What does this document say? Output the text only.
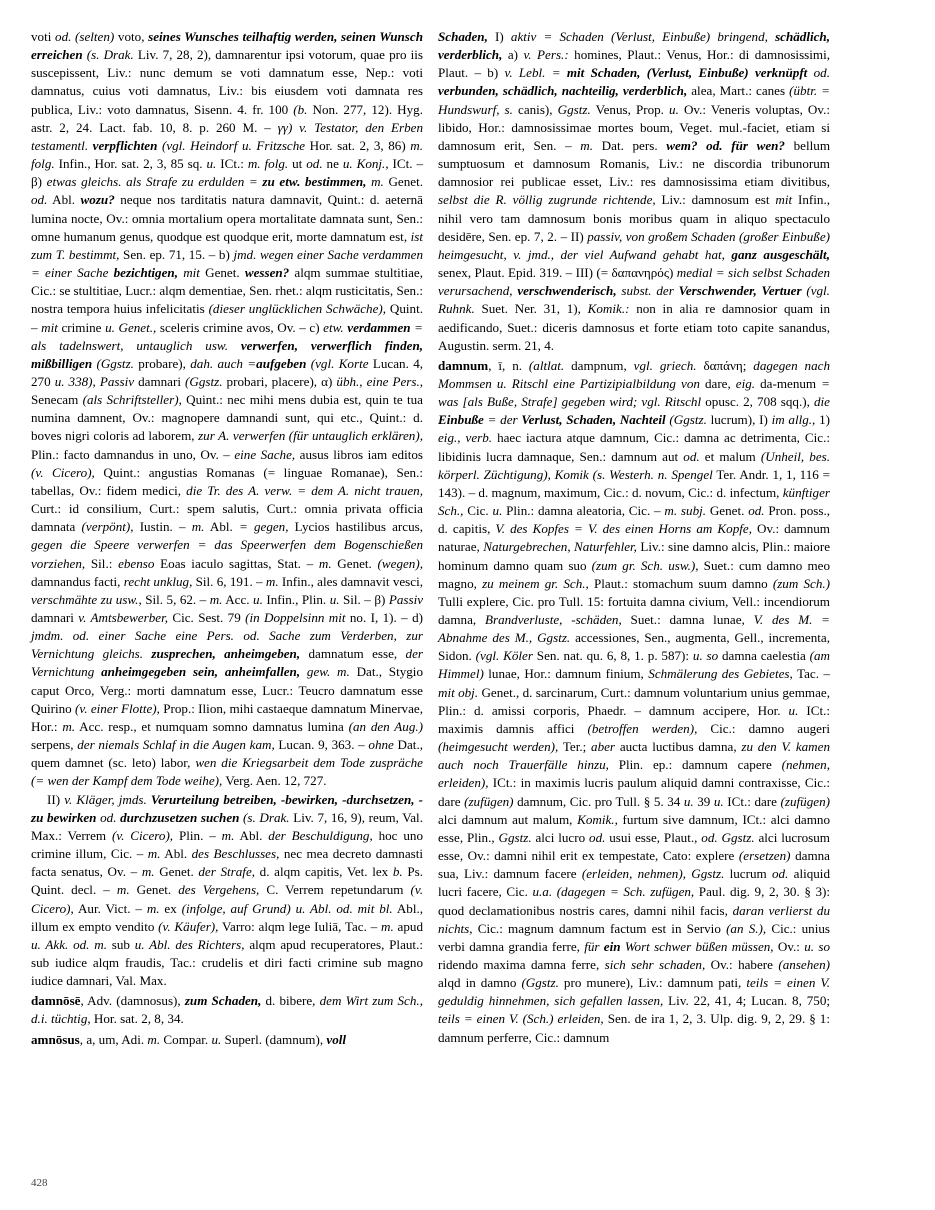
voti od. (selten) voto, seines Wunsches teilhaftig werden, seinen Wunsch erreichen (s. Drak. Liv. 7, 28, 2), damnarentur ipsi votorum, quae pro iis suscepissent, Liv.: nunc demum se voti damnatum esse, Nep.: voti damnatus, cuius voti damnatus, Liv.: bis eiusdem voti damnata res publica, Liv.: voto damnatus, Sisenn. 4. fr. 100 (b. Non. 277, 12). Hyg. astr. 2, 24. Lact. fab. 10, 8. p. 260 M. – γγ) v. Testator, den Erben testamentl. verpflichten (vgl. Heindorf u. Fritzsche Hor. sat. 2, 3, 86) m. folg. Infin., Hor. sat. 2, 3, 85 sq. u. ICt.: m. folg. ut od. ne u. Konj., ICt. – β) etwas gleichs. als Strafe zu erdulden = zu etw. bestimmen, m. Genet. od. Abl. wozu? neque nos tarditatis natura damnavit, Quint.: d. aeternā lumina nocte, Ov.: omnia mortalium opera mortalitate damnata sunt, Sen.: omne humanum genus, quodque est quodque erit, morte damnatum est, ist zum T. bestimmt, Sen. ep. 71, 15. – b) jmd. wegen einer Sache verdammen = einer Sache bezichtigen, mit Genet. wessen? alqm summae stultitiae, Cic.: se stultitiae, Lucr.: alqm dementiae, Sen. rhet.: alqm rusticitatis, Sen.: nostra tempora huius infelicitatis (dieser unglücklichen Schwäche), Quint. – mit crimine u. Genet., sceleris crimine avos, Ov. – c) etw. verdammen = als tadelnswert, untauglich usw. verwerfen, verwerflich finden, mißbilligen (Ggstz. probare), dah. auch =aufgeben (vgl. Korte Lucan. 4, 270 u. 338), Passiv damnari (Ggstz. probari, placere), α) übh., eine Pers., Senecam (als Schriftsteller), Quint.: nec mihi mens dubia est, quin te tua numina damnent, Ov.: magnopere damnandi sunt, qui etc., Quint.: d. boves nigri coloris ad laborem, zur A. verwerfen (für untauglich erklären), Plin.: facto damnandus in uno, Ov. – eine Sache, ausus libros iam editos (v. Cicero), Quint.: angustias Romanas (= linguae Romanae), Sen.: tabellas, Ov.: fidem medici, die Tr. des A. verw. = dem A. nicht trauen, Curt.: id consilium, Curt.: spem salutis, Curt.: omnia privata officia damnata (verpönt), Iustin. – m. Abl. = gegen, Lycios hastilibus arcus, gegen die Speere verwerfen = das Speerwerfen dem Bogenschießen vorziehen, Sil.: ebenso Eoas iaculo sagittas, Stat. – m. Genet. (wegen), damnandus facti, recht unklug, Sil. 6, 191. – m. Infin., ales damnavit vesci, verschmähte zu usw., Sil. 5, 62. – m. Acc. u. Infin., Plin. u. Sil. – β) Passiv damnari v. Amtsbewerber, Cic. Sest. 79 (in Doppelsinn mit no. I, 1). – d) jmdm. od. einer Sache eine Pers. od. Sache zum Verderben, zur Vernichtung gleichs. zusprechen, anheimgeben, damnatum esse, der Vernichtung anheimgegeben sein, anheimfallen, gew. m. Dat., Stygio caput Orco, Verg.: morti damnatum esse, Lucr.: Teucro damnatum esse Quirino (v. einer Flotte), Prop.: Ilion, mihi castaeque damnatum Minervae, Hor.: m. Acc. resp., et numquam somno damnatus lumina (an den Aug.) serpens, der niemals Schlaf in die Augen kam, Lucan. 9, 363. – ohne Dat., quem damnet (sc. leto) labor, wen die Kriegsarbeit dem Tode zuspräche (= wen der Kampf dem Tode weihe), Verg. Aen. 12, 727.

II) v. Kläger, jmds. Verurteilung betreiben, -bewirken, -durchsetzen, -zu bewirken od. durchzusetzen suchen (s. Drak. Liv. 7, 16, 9), reum, Val. Max.: Verrem (v. Cicero), Plin. – m. Abl. der Beschuldigung, hoc uno crimine illum, Cic. – m. Abl. des Beschlusses, nec mea decreto damnasti facta senatus, Ov. – m. Genet. der Strafe, d. alqm capitis, Vet. lex b. Ps. Quint. decl. – m. Genet. des Vergehens, C. Verrem repetundarum (v. Cicero), Aur. Vict. – m. ex (infolge, auf Grund) u. Abl. od. mit bl. Abl., illum ex empto vendito (v. Käufer), Varro: alqm lege Iuliā, Tac. – m. apud u. Akk. od. m. sub u. Abl. des Richters, alqm apud recuperatores, Plaut.: sub iudice alqm fraudis, Tac.: crudelis et diri facti crimine sub magno iudice damnari, Val. Max.

damnōsē, Adv. (damnosus), zum Schaden, d. bibere, dem Wirt zum Sch., d.i. tüchtig, Hor. sat. 2, 8, 34.

amnōsus, a, um, Adi. m. Compar. u. Superl. (damnum), voll

Schaden, I) aktiv = Schaden (Verlust, Einbuße) bringend, schädlich, verderblich, a) v. Pers.: homines, Plaut.: Venus, Hor.: di damnosissimi, Plaut. – b) v. Lebl. = mit Schaden, (Verlust, Einbuße) verknüpft od. verbunden, schädlich, nachteilig, verderblich, alea, Mart.: canes (übtr. = Hundswurf, s. canis), Ggstz. Venus, Prop. u. Ov.: Veneris voluptas, Ov.: libido, Hor.: damnosissimae mortes boum, Veget. mul.-faciet, etiam si damnosum erit, Sen. – m. Dat. pers. wem? od. für wen? bellum sumptuosum et damnosum Romanis, Liv.: ne discordia tribunorum damnosior rei publicae esset, Liv.: res damnosissima etiam divitibus, selbst die R. völlig zugrunde richtende, Liv.: damnosum est mit Infin., nihil vero tam damnosum bonis moribus quam in aliquo spectaculo desidēre, Sen. ep. 7, 2. – II) passiv, von großem Schaden (großer Einbuße) heimgesucht, v. jmd., der viel Aufwand gehabt hat, ganz ausgeschält, senex, Plaut. Epid. 319. – III) (= δαπανηρός) medial = sich selbst Schaden verursachend, verschwenderisch, subst. der Verschwender, Vertuer (vgl. Ruhnk. Suet. Ner. 31, 1), Komik.: non in alia re damnosior quam in aedificando, Suet.: diceris damnosus et forte etiam toto capite sanandus, Augustin. serm. 21, 4.

damnum, ī, n. (altlat. dampnum, vgl. griech. δαπάνη; dagegen nach Mommsen u. Ritschl eine Partizipialbildung von dare, eig. da-menum = was [als Buße, Strafe] gegeben wird; vgl. Ritschl opusc. 2, 708 sqq.), die Einbuße = der Verlust, Schaden, Nachteil (Ggstz. lucrum), I) im allg., 1) eig., verb. haec iactura atque damnum, Cic.: damna ac detrimenta, Cic.: libidinis lucra damnaque, Sen.: damnum aut od. et malum (Unheil, bes. körperl. Züchtigung), Komik (s. Westerh. n. Spengel Ter. Andr. 1, 1, 116 = 143). – d. magnum, maximum, Cic.: d. novum, Cic.: d. infectum, künftiger Sch., Cic. u. Plin.: damna aleatoria, Cic. – m. subj. Genet. od. Pron. poss., d. capitis, V. des Kopfes = V. des einen Horns am Kopfe, Ov.: damnum naturae, Naturgebrechen, Naturfehler, Liv.: sine damno alcis, Plin.: maiore hominum damno quam suo (zum gr. Sch. usw.), Suet.: cum damno meo magno, zu meinem gr. Sch., Plaut.: stomachum suum damno (zum Sch.) Tulli explere, Cic. pro Tull. 15: fortuita damna civium, Vell.: incendiorum damna, Brandverluste, -schäden, Suet.: damna lunae, V. des M. = Abnahme des M., Ggstz. accessiones, Sen., augmenta, Gell., incrementa, Sidon. (vgl. Köler Sen. nat. qu. 6, 8, 1. p. 587): u. so damna caelestia (am Himmel) lunae, Hor.: damnum finium, Schmälerung des Gebietes, Tac. – mit obj. Genet., d. sarcinarum, Curt.: damnum voluntarium unius gemmae, Plin.: d. amissi corporis, Phaedr. – damnum accipere, Hor. u. ICt.: maximis damnis affici (betroffen werden), Cic.: damno augeri (heimgesucht werden), Ter.; aber aucta luctibus damna, zu den V. kamen auch noch Trauerfälle hinzu, Plin. ep.: damnum capere (nehmen, erleiden), ICt.: in maximis lucris paulum aliquid damni contraxisse, Cic.: dare (zufügen) damnum, Cic. pro Tull. § 5. 34 u. 39 u. ICt.: dare (zufügen) alci damnum aut malum, Komik., furtum sive damnum, ICt.: alci damno esse, Plin., Ggstz. alci lucro od. usui esse, Plaut., od. Ggstz. alci lucrosum esse, Ov.: damni nihil erit ex tempestate, Cato: explere (ersetzen) damna sua, Liv.: damnum facere (erleiden, nehmen), Ggstz. lucrum od. aliquid lucri facere, Cic. u.a. (dagegen = Sch. zufügen, Paul. dig. 9, 2, 30. § 3): quod declamationibus nostris cares, damni nihil facis, daran verlierst du nichts, Cic.: magnum damnum factum est in Servio (an S.), Cic.: unius verbi damna grandia ferre, für ein Wort schwer büßen müssen, Ov.: u. so ridendo maxima damna ferre, sich sehr schaden, Ov.: habere (ansehen) alqd in damno (Ggstz. pro munere), Liv.: damnum pati, teils = einen V. geduldig hinnehmen, sich gefallen lassen, Liv. 22, 41, 4; Lucan. 8, 750; teils = einen V. (Sch.) erleiden, Sen. de ira 1, 2, 3. Ulp. dig. 9, 2, 29. § 1: damnum perferre, Cic.: damnum

428
